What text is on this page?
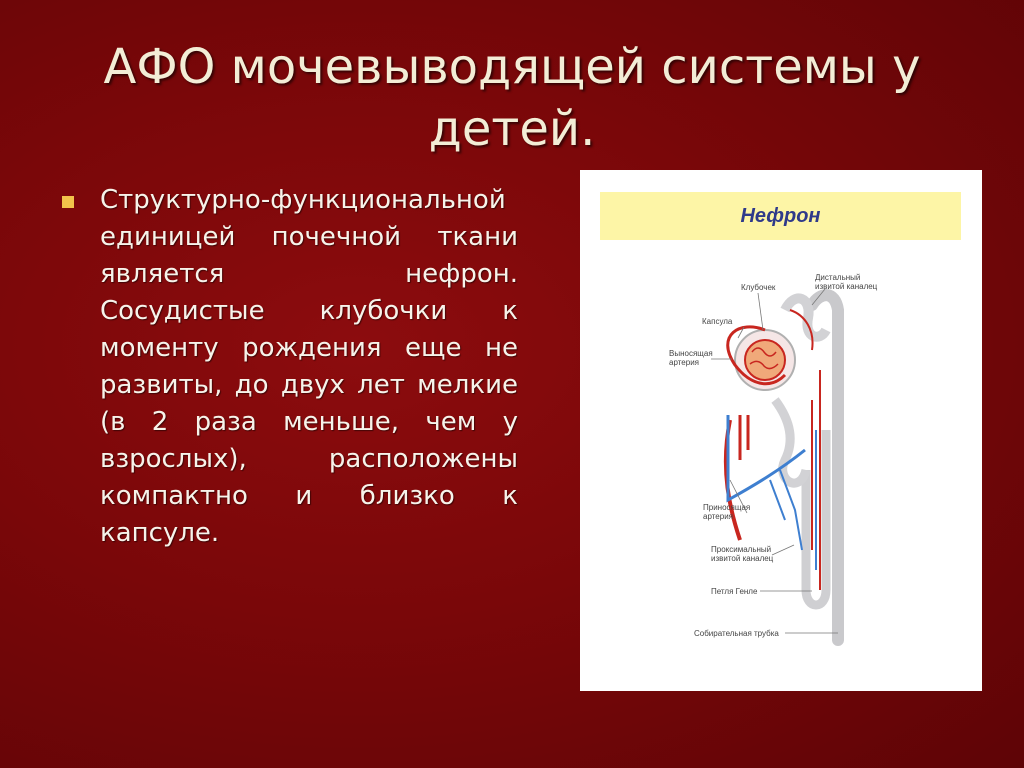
АФО мочевыводящей системы у детей.
Структурно-функциональной единицей почечной ткани является нефрон. Сосудистые клубочки к моменту рождения еще не развиты, до двух лет мелкие (в 2 раза меньше, чем у взрослых), расположены компактно и близко к капсуле.
Нефрон
Клубочек
Дистальный
извитой каналец
Капсула
Выносящая
артерия
Приносящая
артерия
Проксимальный
извитой каналец
Петля Генле
Собирательная трубка
